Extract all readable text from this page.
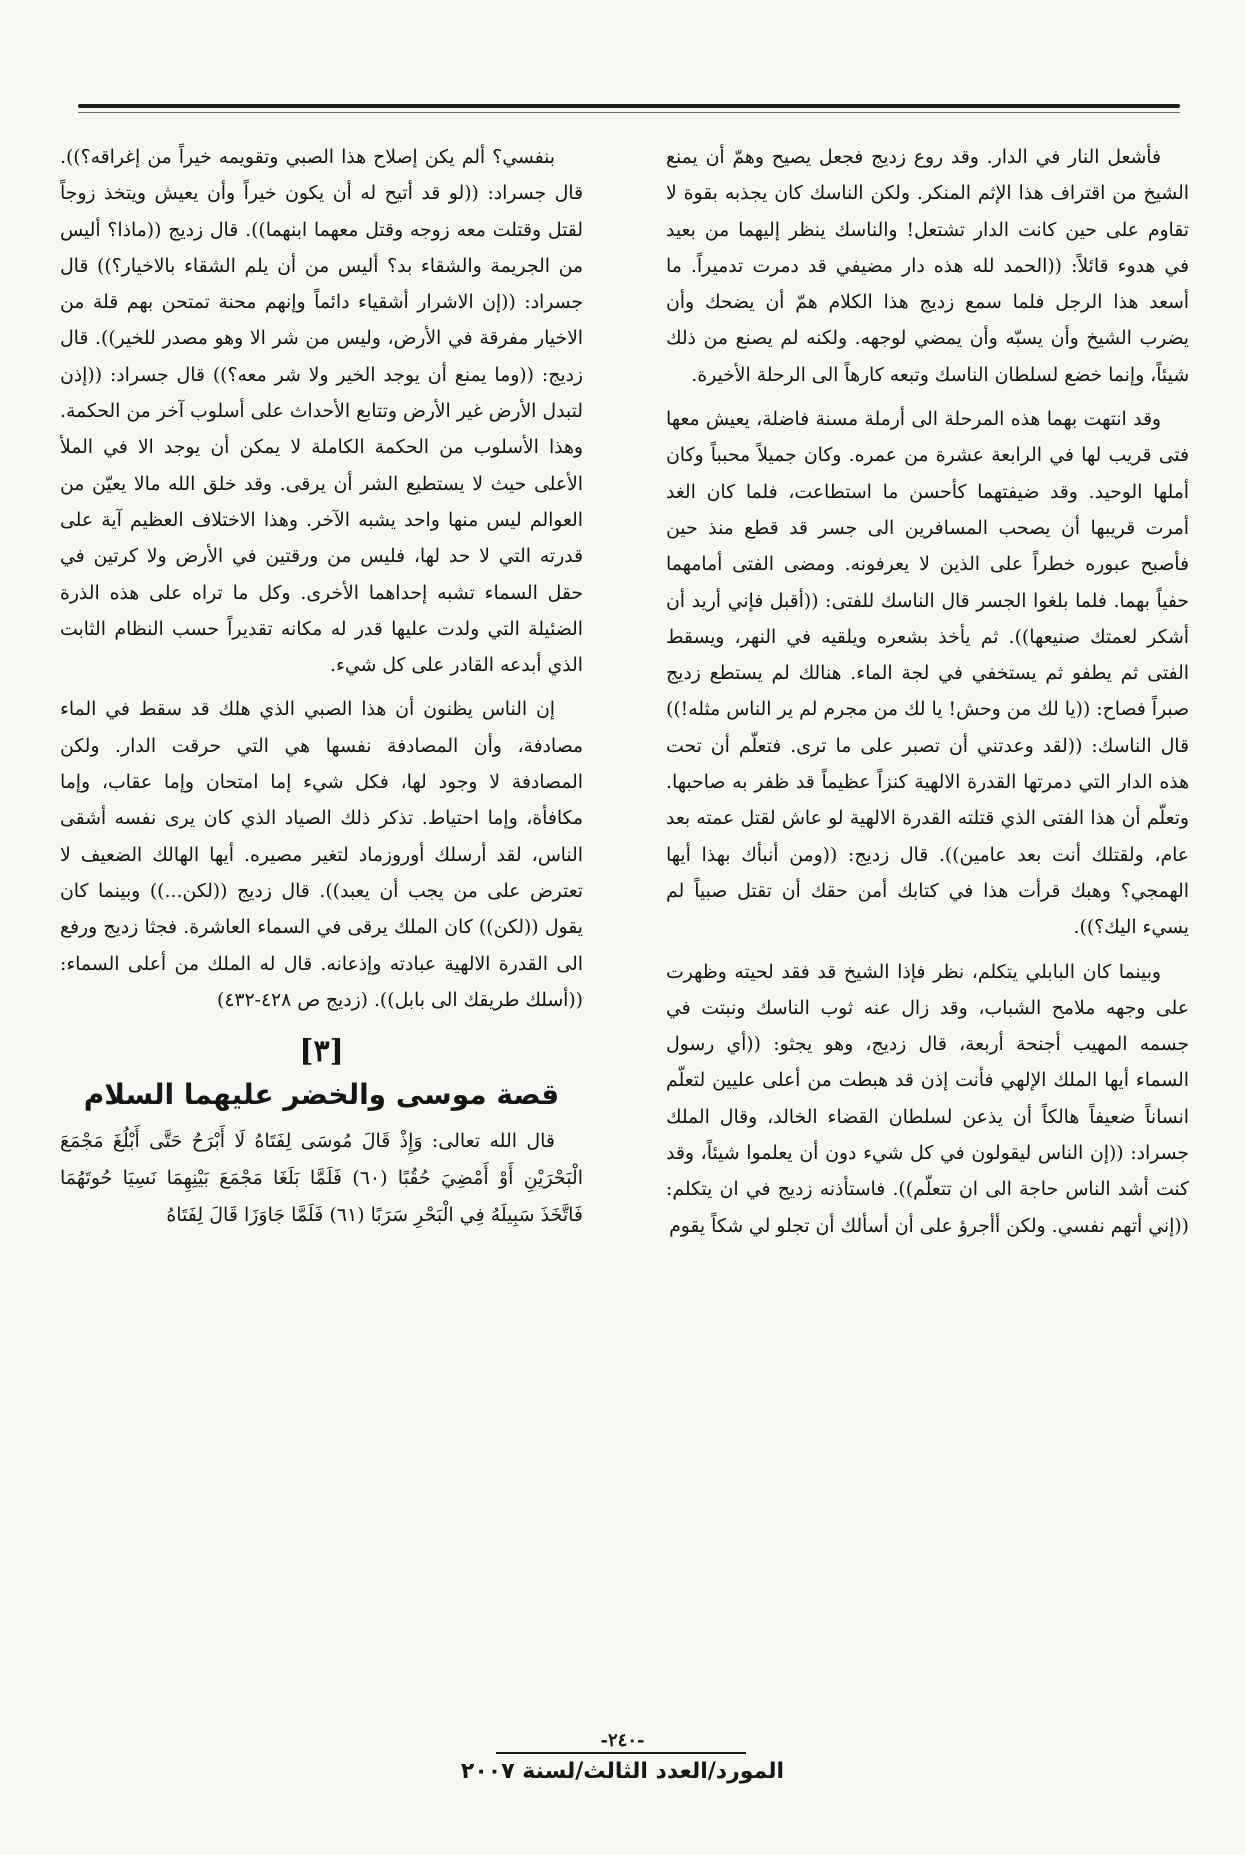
فأشعل النار في الدار. وقد روع زديج فجعل يصيح وهمّ أن يمنع الشيخ من اقتراف هذا الإثم المنكر. ولكن الناسك كان يجذبه بقوة لا تقاوم على حين كانت الدار تشتعل! والناسك ينظر إليهما من بعيد في هدوء قائلاً: ((الحمد لله هذه دار مضيفي قد دمرت تدميراً. ما أسعد هذا الرجل فلما سمع زديج هذا الكلام همّ أن يضحك وأن يضرب الشيخ وأن يسبّه وأن يمضي لوجهه. ولكنه لم يصنع من ذلك شيئاً، وإنما خضع لسلطان الناسك وتبعه كارهاً الى الرحلة الأخيرة.

وقد انتهت بهما هذه المرحلة الى أرملة مسنة فاضلة، يعيش معها فتى قريب لها في الرابعة عشرة من عمره. وكان جميلاً محبباً وكان أملها الوحيد. وقد ضيفتهما كأحسن ما استطاعت، فلما كان الغد أمرت قريبها أن يصحب المسافرين الى جسر قد قطع منذ حين فأصبح عبوره خطراً على الذين لا يعرفونه. ومضى الفتى أمامهما حفياً بهما. فلما بلغوا الجسر قال الناسك للفتى: ((أقبل فإني أريد أن أشكر لعمتك صنيعها)). ثم يأخذ بشعره ويلقيه في النهر، ويسقط الفتى ثم يطفو ثم يستخفي في لجة الماء. هنالك لم يستطع زديج صبراً فصاح: ((يا لك من وحش! يا لك من مجرم لم ير الناس مثله!)) قال الناسك: ((لقد وعدتني أن تصبر على ما ترى. فتعلّم أن تحت هذه الدار التي دمرتها القدرة الالهية كنزاً عظيماً قد ظفر به صاحبها. وتعلّم أن هذا الفتى الذي قتلته القدرة الالهية لو عاش لقتل عمته بعد عام، ولقتلك أنت بعد عامين)). قال زديج: ((ومن أنبأك بهذا أيها الهمجي؟ وهبك قرأت هذا في كتابك أمن حقك أن تقتل صبياً لم يسيء اليك؟)).

وبينما كان البابلي يتكلم، نظر فإذا الشيخ قد فقد لحيته وظهرت على وجهه ملامح الشباب، وقد زال عنه ثوب الناسك ونبتت في جسمه المهيب أجنحة أربعة، قال زديج، وهو يجثو: ((أي رسول السماء أيها الملك الإلهي فأنت إذن قد هبطت من أعلى عليين لتعلّم انساناً ضعيفاً هالكاً أن يذعن لسلطان القضاء الخالد، وقال الملك جسراد: ((إن الناس ليقولون في كل شيء دون أن يعلموا شيئاً، وقد كنت أشد الناس حاجة الى ان تتعلّم)). فاستأذنه زديج في ان يتكلم: ((إني أتهم نفسي. ولكن أأجرؤ على أن أسألك أن تجلو لي شكاً يقوم

بنفسي؟ ألم يكن إصلاح هذا الصبي وتقويمه خيراً من إغراقه؟)). قال جسراد: ((لو قد أتيح له أن يكون خيراً وأن يعيش ويتخذ زوجاً لقتل وقتلت معه زوجه وقتل معهما ابنهما)). قال زديج ((ماذا؟ أليس من الجريمة والشقاء بد؟ أليس من أن يلم الشقاء بالاخيار؟)) قال جسراد: ((إن الاشرار أشقياء دائماً وإنهم محنة تمتحن بهم قلة من الاخيار مفرقة في الأرض، وليس من شر الا وهو مصدر للخير)). قال زديج: ((وما يمنع أن يوجد الخير ولا شر معه؟)) قال جسراد: ((إذن لتبدل الأرض غير الأرض وتتابع الأحداث على أسلوب آخر من الحكمة. وهذا الأسلوب من الحكمة الكاملة لا يمكن أن يوجد الا في الملأ الأعلى حيث لا يستطيع الشر أن يرقى. وقد خلق الله مالا يعيّن من العوالم ليس منها واحد يشبه الآخر. وهذا الاختلاف العظيم آية على قدرته التي لا حد لها، فليس من ورقتين في الأرض ولا كرتين في حقل السماء تشبه إحداهما الأخرى. وكل ما تراه على هذه الذرة الضئيلة التي ولدت عليها قدر له مكانه تقديراً حسب النظام الثابت الذي أبدعه القادر على كل شيء.

إن الناس يظنون أن هذا الصبي الذي هلك قد سقط في الماء مصادفة، وأن المصادفة نفسها هي التي حرقت الدار. ولكن المصادفة لا وجود لها، فكل شيء إما امتحان وإما عقاب، وإما مكافأة، وإما احتياط. تذكر ذلك الصياد الذي كان يرى نفسه أشقى الناس، لقد أرسلك أوروزماد لتغير مصيره. أيها الهالك الضعيف لا تعترض على من يجب أن يعبد)). قال زديج ((لكن...)) وبينما كان يقول ((لكن)) كان الملك يرقى في السماء العاشرة. فجثا زديج ورفع الى القدرة الالهية عبادته وإذعانه. قال له الملك من أعلى السماء: ((أسلك طريقك الى بابل)). (زديج ص ٤٢٨-٤٣٢)

[٣]
قصة موسى والخضر عليهما السلام

قال الله تعالى: وَإِذْ قَالَ مُوسَى لِفَتَاهُ لَا أَبْرَحُ حَتَّى أَبْلُغَ مَجْمَعَ الْبَحْرَيْنِ أَوْ أَمْضِيَ حُقُبًا (٦٠) فَلَمَّا بَلَغَا مَجْمَعَ بَيْنِهِمَا نَسِيَا حُوتَهُمَا فَاتَّخَذَ سَبِيلَهُ فِي الْبَحْرِ سَرَبًا (٦١) فَلَمَّا جَاوَزَا قَالَ لِفَتَاهُ

-٢٤٠-
المورد/العدد الثالث/لسنة ٢٠٠٧
